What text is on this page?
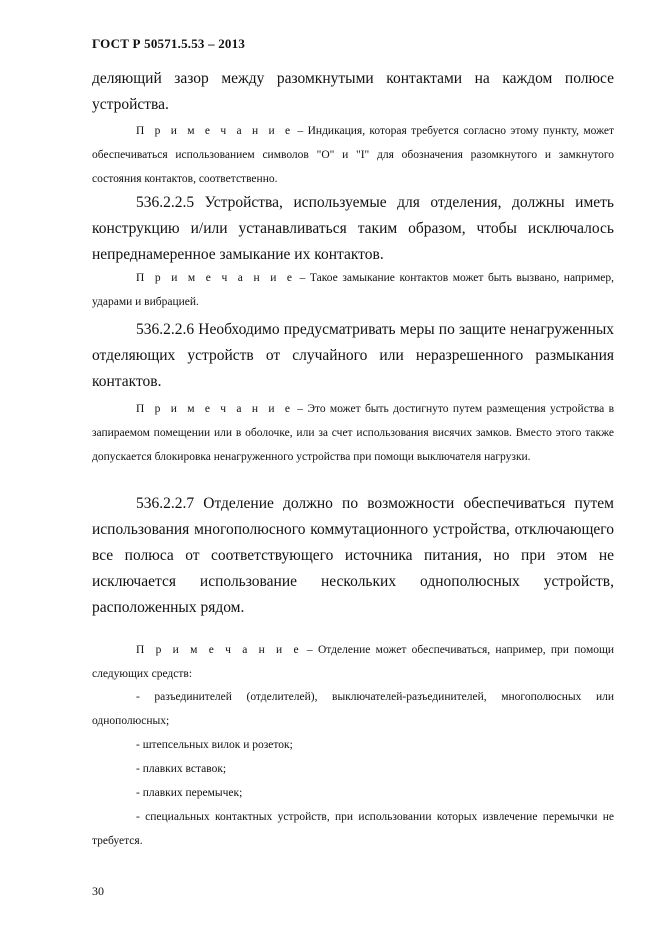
ГОСТ Р 50571.5.53 – 2013
деляющий зазор между разомкнутыми контактами на каждом полюсе устройства.
П р и м е ч а н и е – Индикация, которая требуется согласно этому пункту, может обеспечиваться использованием символов "O" и "I" для обозначения разомкнутого и замкнутого состояния контактов, соответственно.
536.2.2.5 Устройства, используемые для отделения, должны иметь конструкцию и/или устанавливаться таким образом, чтобы исключалось непреднамеренное замыкание их контактов.
П р и м е ч а н и е – Такое замыкание контактов может быть вызвано, например, ударами и вибрацией.
536.2.2.6 Необходимо предусматривать меры по защите ненагруженных отделяющих устройств от случайного или неразрешенного размыкания контактов.
П р и м е ч а н и е – Это может быть достигнуто путем размещения устройства в запираемом помещении или в оболочке, или за счет использования висячих замков. Вместо этого также допускается блокировка ненагруженного устройства при помощи выключателя нагрузки.
536.2.2.7 Отделение должно по возможности обеспечиваться путем использования многополюсного коммутационного устройства, отключающего все полюса от соответствующего источника питания, но при этом не исключается использование нескольких однополюсных устройств, расположенных рядом.
П р и м е ч а н и е – Отделение может обеспечиваться, например, при помощи следующих средств:
- разъединителей (отделителей), выключателей-разъединителей, многополюсных или однополюсных;
- штепсельных вилок и розеток;
- плавких вставок;
- плавких перемычек;
- специальных контактных устройств, при использовании которых извлечение перемычки не требуется.
30
